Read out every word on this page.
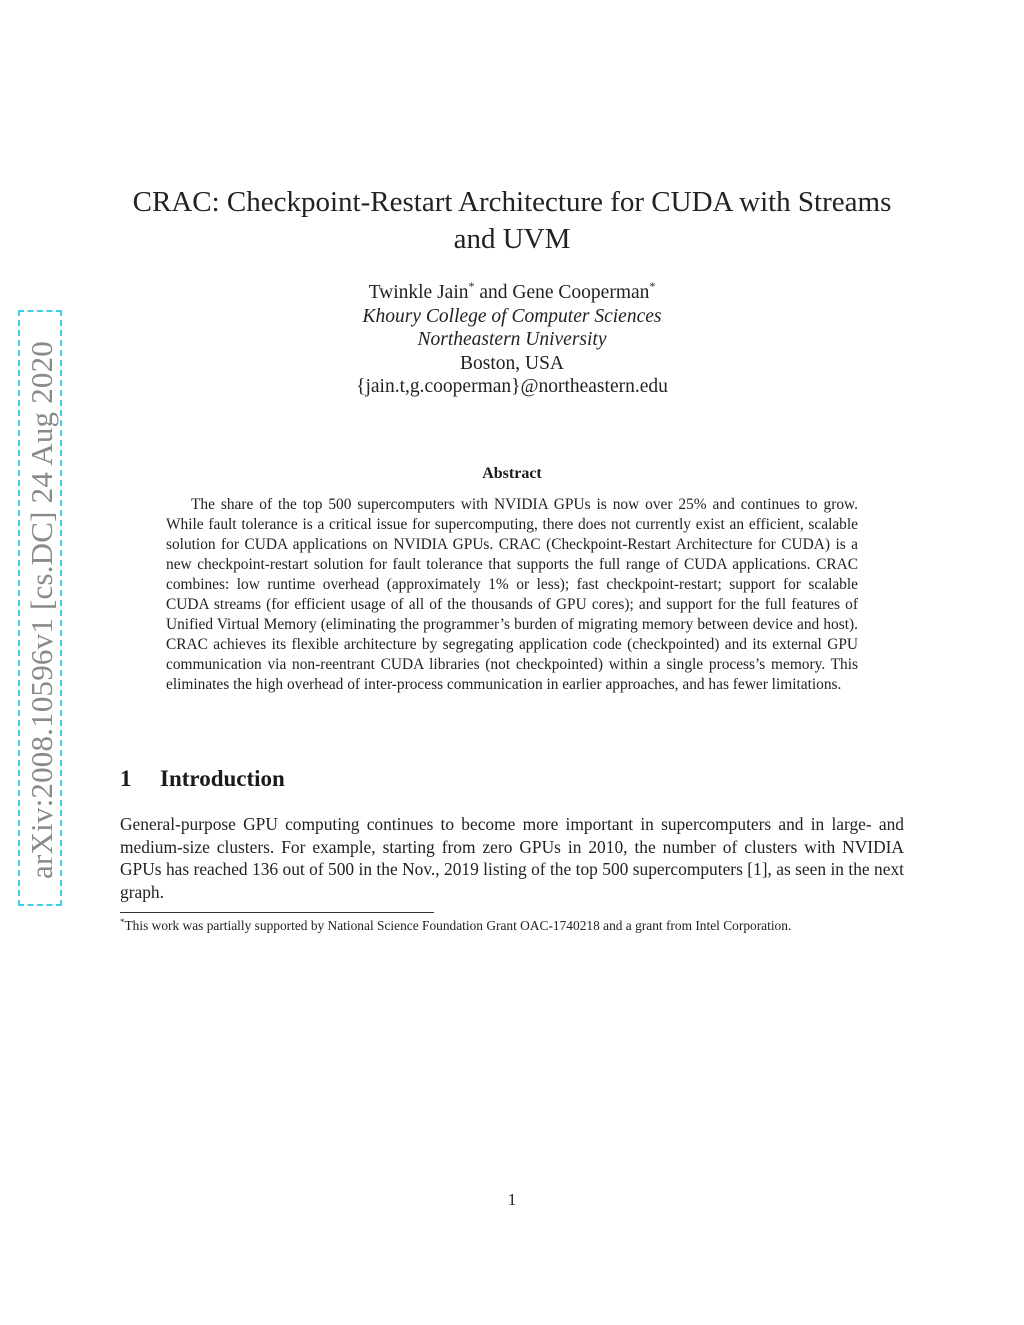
arXiv:2008.10596v1 [cs.DC] 24 Aug 2020
CRAC: Checkpoint-Restart Architecture for CUDA with Streams and UVM
Twinkle Jain* and Gene Cooperman*
Khoury College of Computer Sciences
Northeastern University
Boston, USA
{jain.t,g.cooperman}@northeastern.edu
Abstract

The share of the top 500 supercomputers with NVIDIA GPUs is now over 25% and continues to grow. While fault tolerance is a critical issue for supercomputing, there does not currently exist an efficient, scalable solution for CUDA applications on NVIDIA GPUs. CRAC (Checkpoint-Restart Architecture for CUDA) is a new checkpoint-restart solution for fault tolerance that supports the full range of CUDA applications. CRAC combines: low runtime overhead (approximately 1% or less); fast checkpoint-restart; support for scalable CUDA streams (for efficient usage of all of the thousands of GPU cores); and support for the full features of Unified Virtual Memory (eliminating the programmer’s burden of migrating memory between device and host). CRAC achieves its flexible architecture by segregating application code (checkpointed) and its external GPU communication via non-reentrant CUDA libraries (not checkpointed) within a single process’s memory. This eliminates the high overhead of inter-process communication in earlier approaches, and has fewer limitations.

1 Introduction

General-purpose GPU computing continues to become more important in supercomputers and in large- and medium-size clusters. For example, starting from zero GPUs in 2010, the number of clusters with NVIDIA GPUs has reached 136 out of 500 in the Nov., 2019 listing of the top 500 supercomputers [1], as seen in the next graph.

*This work was partially supported by National Science Foundation Grant OAC-1740218 and a grant from Intel Corporation.

1
